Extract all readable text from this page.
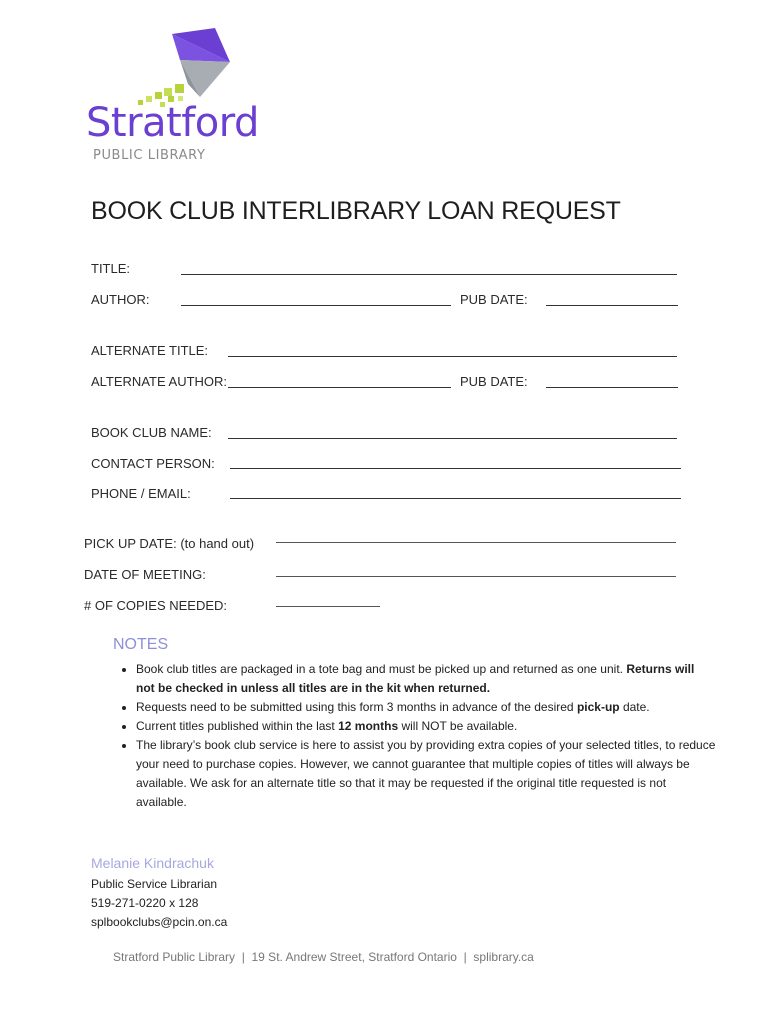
Stratford
PUBLIC LIBRARY
BOOK CLUB INTERLIBRARY LOAN REQUEST
TITLE:
AUTHOR:	PUB DATE:
ALTERNATE TITLE:
ALTERNATE AUTHOR:	PUB DATE:
BOOK CLUB NAME:
CONTACT PERSON:
PHONE / EMAIL:
PICK UP DATE: (to hand out)
DATE OF MEETING:
# OF COPIES NEEDED:
NOTES
• Book club titles are packaged in a tote bag and must be picked up and returned as one unit. Returns will not be checked in unless all titles are in the kit when returned.
• Requests need to be submitted using this form 3 months in advance of the desired pick-up date.
• Current titles published within the last 12 months will NOT be available.
• The library’s book club service is here to assist you by providing extra copies of your selected titles, to reduce your need to purchase copies. However, we cannot guarantee that multiple copies of titles will always be available. We ask for an alternate title so that it may be requested if the original title requested is not available.
Melanie Kindrachuk
Public Service Librarian
519-271-0220 x 128
splbookclubs@pcin.on.ca
Stratford Public Library  |  19 St. Andrew Street, Stratford Ontario  |  splibrary.ca
